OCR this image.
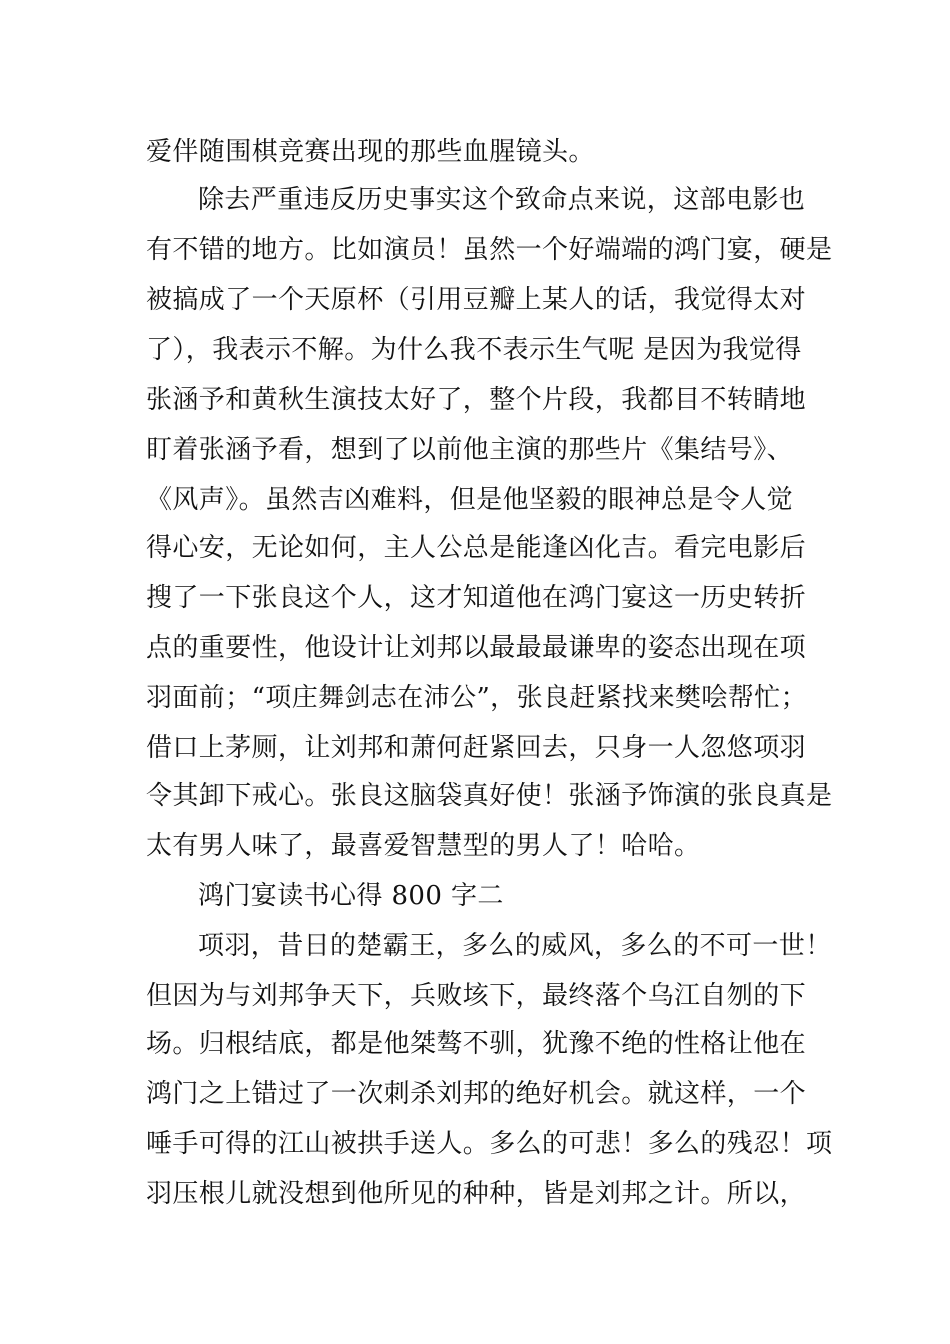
爱伴随围棋竞赛出现的那些血腥镜头。
除去严重违反历史事实这个致命点来说，这部电影也
有不错的地方。比如演员！虽然一个好端端的鸿门宴，硬是
被搞成了一个天原杯（引用豆瓣上某人的话，我觉得太对
了），我表示不解。为什么我不表示生气呢 是因为我觉得
张涵予和黄秋生演技太好了，整个片段，我都目不转睛地
盯着张涵予看，想到了以前他主演的那些片《集结号》、
《风声》。虽然吉凶难料，但是他坚毅的眼神总是令人觉
得心安，无论如何，主人公总是能逢凶化吉。看完电影后
搜了一下张良这个人，这才知道他在鸿门宴这一历史转折
点的重要性，他设计让刘邦以最最最谦卑的姿态出现在项
羽面前；“项庄舞剑志在沛公”，张良赶紧找来樊哙帮忙；
借口上茅厕，让刘邦和萧何赶紧回去，只身一人忽悠项羽
令其卸下戒心。张良这脑袋真好使！张涵予饰演的张良真是
太有男人味了，最喜爱智慧型的男人了！哈哈。
鸿门宴读书心得 800 字二
项羽，昔日的楚霸王，多么的威风，多么的不可一世！
但因为与刘邦争天下，兵败垓下，最终落个乌江自刎的下
场。归根结底，都是他桀骜不驯，犹豫不绝的性格让他在
鸿门之上错过了一次刺杀刘邦的绝好机会。就这样，一个
唾手可得的江山被拱手送人。多么的可悲！多么的残忍！项
羽压根儿就没想到他所见的种种，皆是刘邦之计。所以，
